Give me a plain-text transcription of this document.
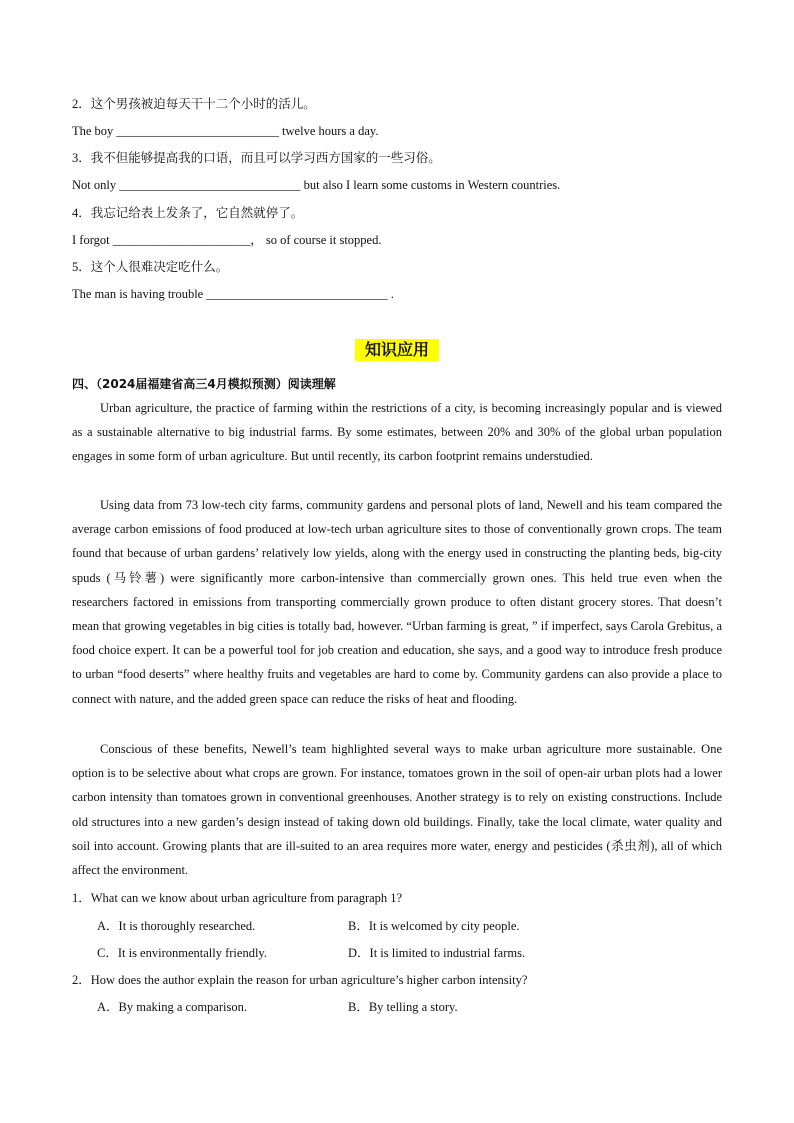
2．这个男孩被迫每天干十二个小时的活儿。
The boy __________________________ twelve hours a day.
3．我不但能够提高我的口语，而且可以学习西方国家的一些习俗。
Not only _____________________________ but also I learn some customs in Western countries.
4．我忘记给表上发条了，它自然就停了。
I forgot ______________________， so of course it stopped.
5．这个人很难决定吃什么。
The man is having trouble _____________________________ .
知识应用
四、（2024届福建省高三4月模拟预测）阅读理解

Urban agriculture, the practice of farming within the restrictions of a city, is becoming increasingly popular and is viewed as a sustainable alternative to big industrial farms. By some estimates, between 20% and 30% of the global urban population engages in some form of urban agriculture. But until recently, its carbon footprint remains understudied.

Using data from 73 low-tech city farms, community gardens and personal plots of land, Newell and his team compared the average carbon emissions of food produced at low-tech urban agriculture sites to those of conventionally grown crops. The team found that because of urban gardens’ relatively low yields, along with the energy used in constructing the planting beds, big-city spuds (马铃薯) were significantly more carbon-intensive than commercially grown ones. This held true even when the researchers factored in emissions from transporting commercially grown produce to often distant grocery stores. That doesn’t mean that growing vegetables in big cities is totally bad, however. “Urban farming is great, ” if imperfect, says Carola Grebitus, a food choice expert. It can be a powerful tool for job creation and education, she says, and a good way to introduce fresh produce to urban “food deserts” where healthy fruits and vegetables are hard to come by. Community gardens can also provide a place to connect with nature, and the added green space can reduce the risks of heat and flooding.

Conscious of these benefits, Newell’s team highlighted several ways to make urban agriculture more sustainable. One option is to be selective about what crops are grown. For instance, tomatoes grown in the soil of open-air urban plots had a lower carbon intensity than tomatoes grown in conventional greenhouses. Another strategy is to rely on existing constructions. Include old structures into a new garden’s design instead of taking down old buildings. Finally, take the local climate, water quality and soil into account. Growing plants that are ill-suited to an area requires more water, energy and pesticides (杀虫剂), all of which affect the environment.

1．What can we know about urban agriculture from paragraph 1?
A．It is thoroughly researched.	B．It is welcomed by city people.
C．It is environmentally friendly.	D．It is limited to industrial farms.
2．How does the author explain the reason for urban agriculture’s higher carbon intensity?
A．By making a comparison.	B．By telling a story.
